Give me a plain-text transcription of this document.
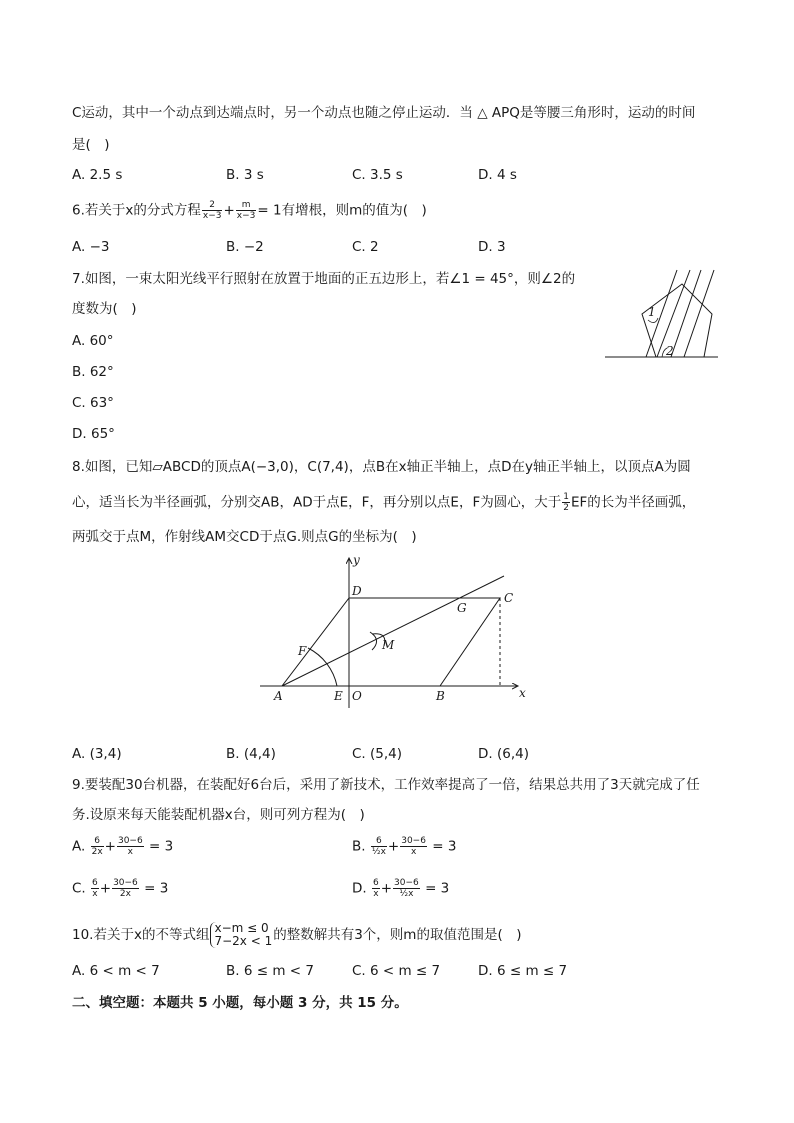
C运动，其中一个动点到达端点时，另一个动点也随之停止运动．当 △ APQ是等腰三角形时，运动的时间
A. 2.5 s	B. 3 s	C. 3.5 s	D. 4 s
6.若关于x的分式方程 $\frac{2}{x-3} + \frac{m}{x-3} = 1$有增根，则m的值为(　)
A. −3	B. −2	C. 2	D. 3
7.如图，一束太阳光线平行照射在放置于地面的正五边形上，若∠1 = 45°，则∠2的
度数为(　)
A. 60°
B. 62°
C. 63°
D. 65°
1
2
8.如图，已知▱ABCD的顶点A(−3,0)，C(7,4)，点B在x轴正半轴上，点D在y轴正半轴上，以顶点A为圆
心，适当长为半径画弧，分别交AB，AD于点E，F，再分别以点E，F为圆心，大于 $\frac{1}{2}$ EF的长为半径画弧，
两弧交于点M，作射线AM交CD于点G.则点G的坐标为(　)
y
x
D	C
G
M
F
A	E O	B
A. (3,4)	B. (4,4)	C. (5,4)	D. (6,4)
9.要装配30台机器，在装配好6台后，采用了新技术，工作效率提高了一倍，结果总共用了3天就完成了任
务.设原来每天能装配机器x台，则可列方程为(　)
A. $\frac{6}{2x} + \frac{30-6}{x} = 3$	B. $\frac{6}{\text{½x}} + \frac{30-6}{x} = 3$
C. $\frac{6}{x} + \frac{30-6}{2x} = 3$	D. $\frac{6}{x} + \frac{30-6}{\text{½x}} = 3$
10.若关于x的不等式组 x−m ≤ 0
7−2x < 1 的整数解共有3个，则m的取值范围是(　)
A. 6 < m < 7	B. 6 ≤ m < 7	C. 6 < m ≤ 7	D. 6 ≤ m ≤ 7
二、填空题：本题共 5 小题，每小题 3 分，共 15 分。
是(　)
